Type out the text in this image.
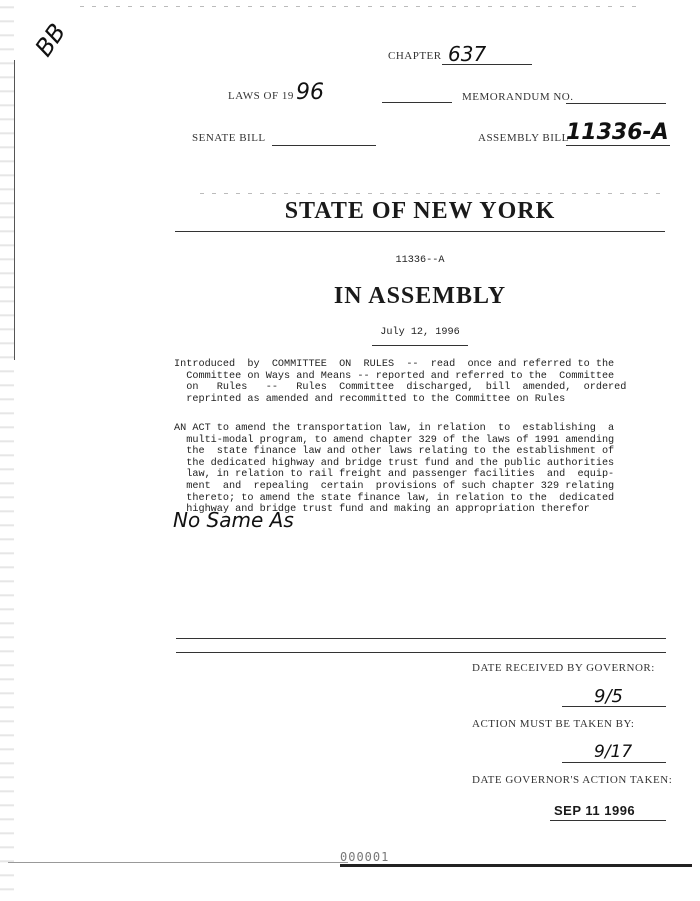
BB	CHAPTER 637
LAWS OF 19 96	MEMORANDUM NO.
SENATE BILL	ASSEMBLY BILL
11336-A
STATE OF NEW YORK
11336--A
IN ASSEMBLY
July 12, 1996
Introduced  by  COMMITTEE  ON  RULES  --  read  once and referred to the
Committee on Ways and Means -- reported and referred to the  Committee
on   Rules   --   Rules  Committee  discharged,  bill  amended,  ordered
reprinted as amended and recommitted to the Committee on Rules
AN ACT to amend the transportation law, in relation  to  establishing  a
multi-modal program, to amend chapter 329 of the laws of 1991 amending
the  state finance law and other laws relating to the establishment of
the dedicated highway and bridge trust fund and the public authorities
law, in relation to rail freight and passenger facilities  and  equip-
ment  and  repealing  certain  provisions of such chapter 329 relating
thereto; to amend the state finance law, in relation to the  dedicated
highway and bridge trust fund and making an appropriation therefor
No Same As
DATE RECEIVED BY GOVERNOR:
9/5
ACTION MUST BE TAKEN BY:
9/17
DATE GOVERNOR'S ACTION TAKEN:
SEP 11 1996
000001
